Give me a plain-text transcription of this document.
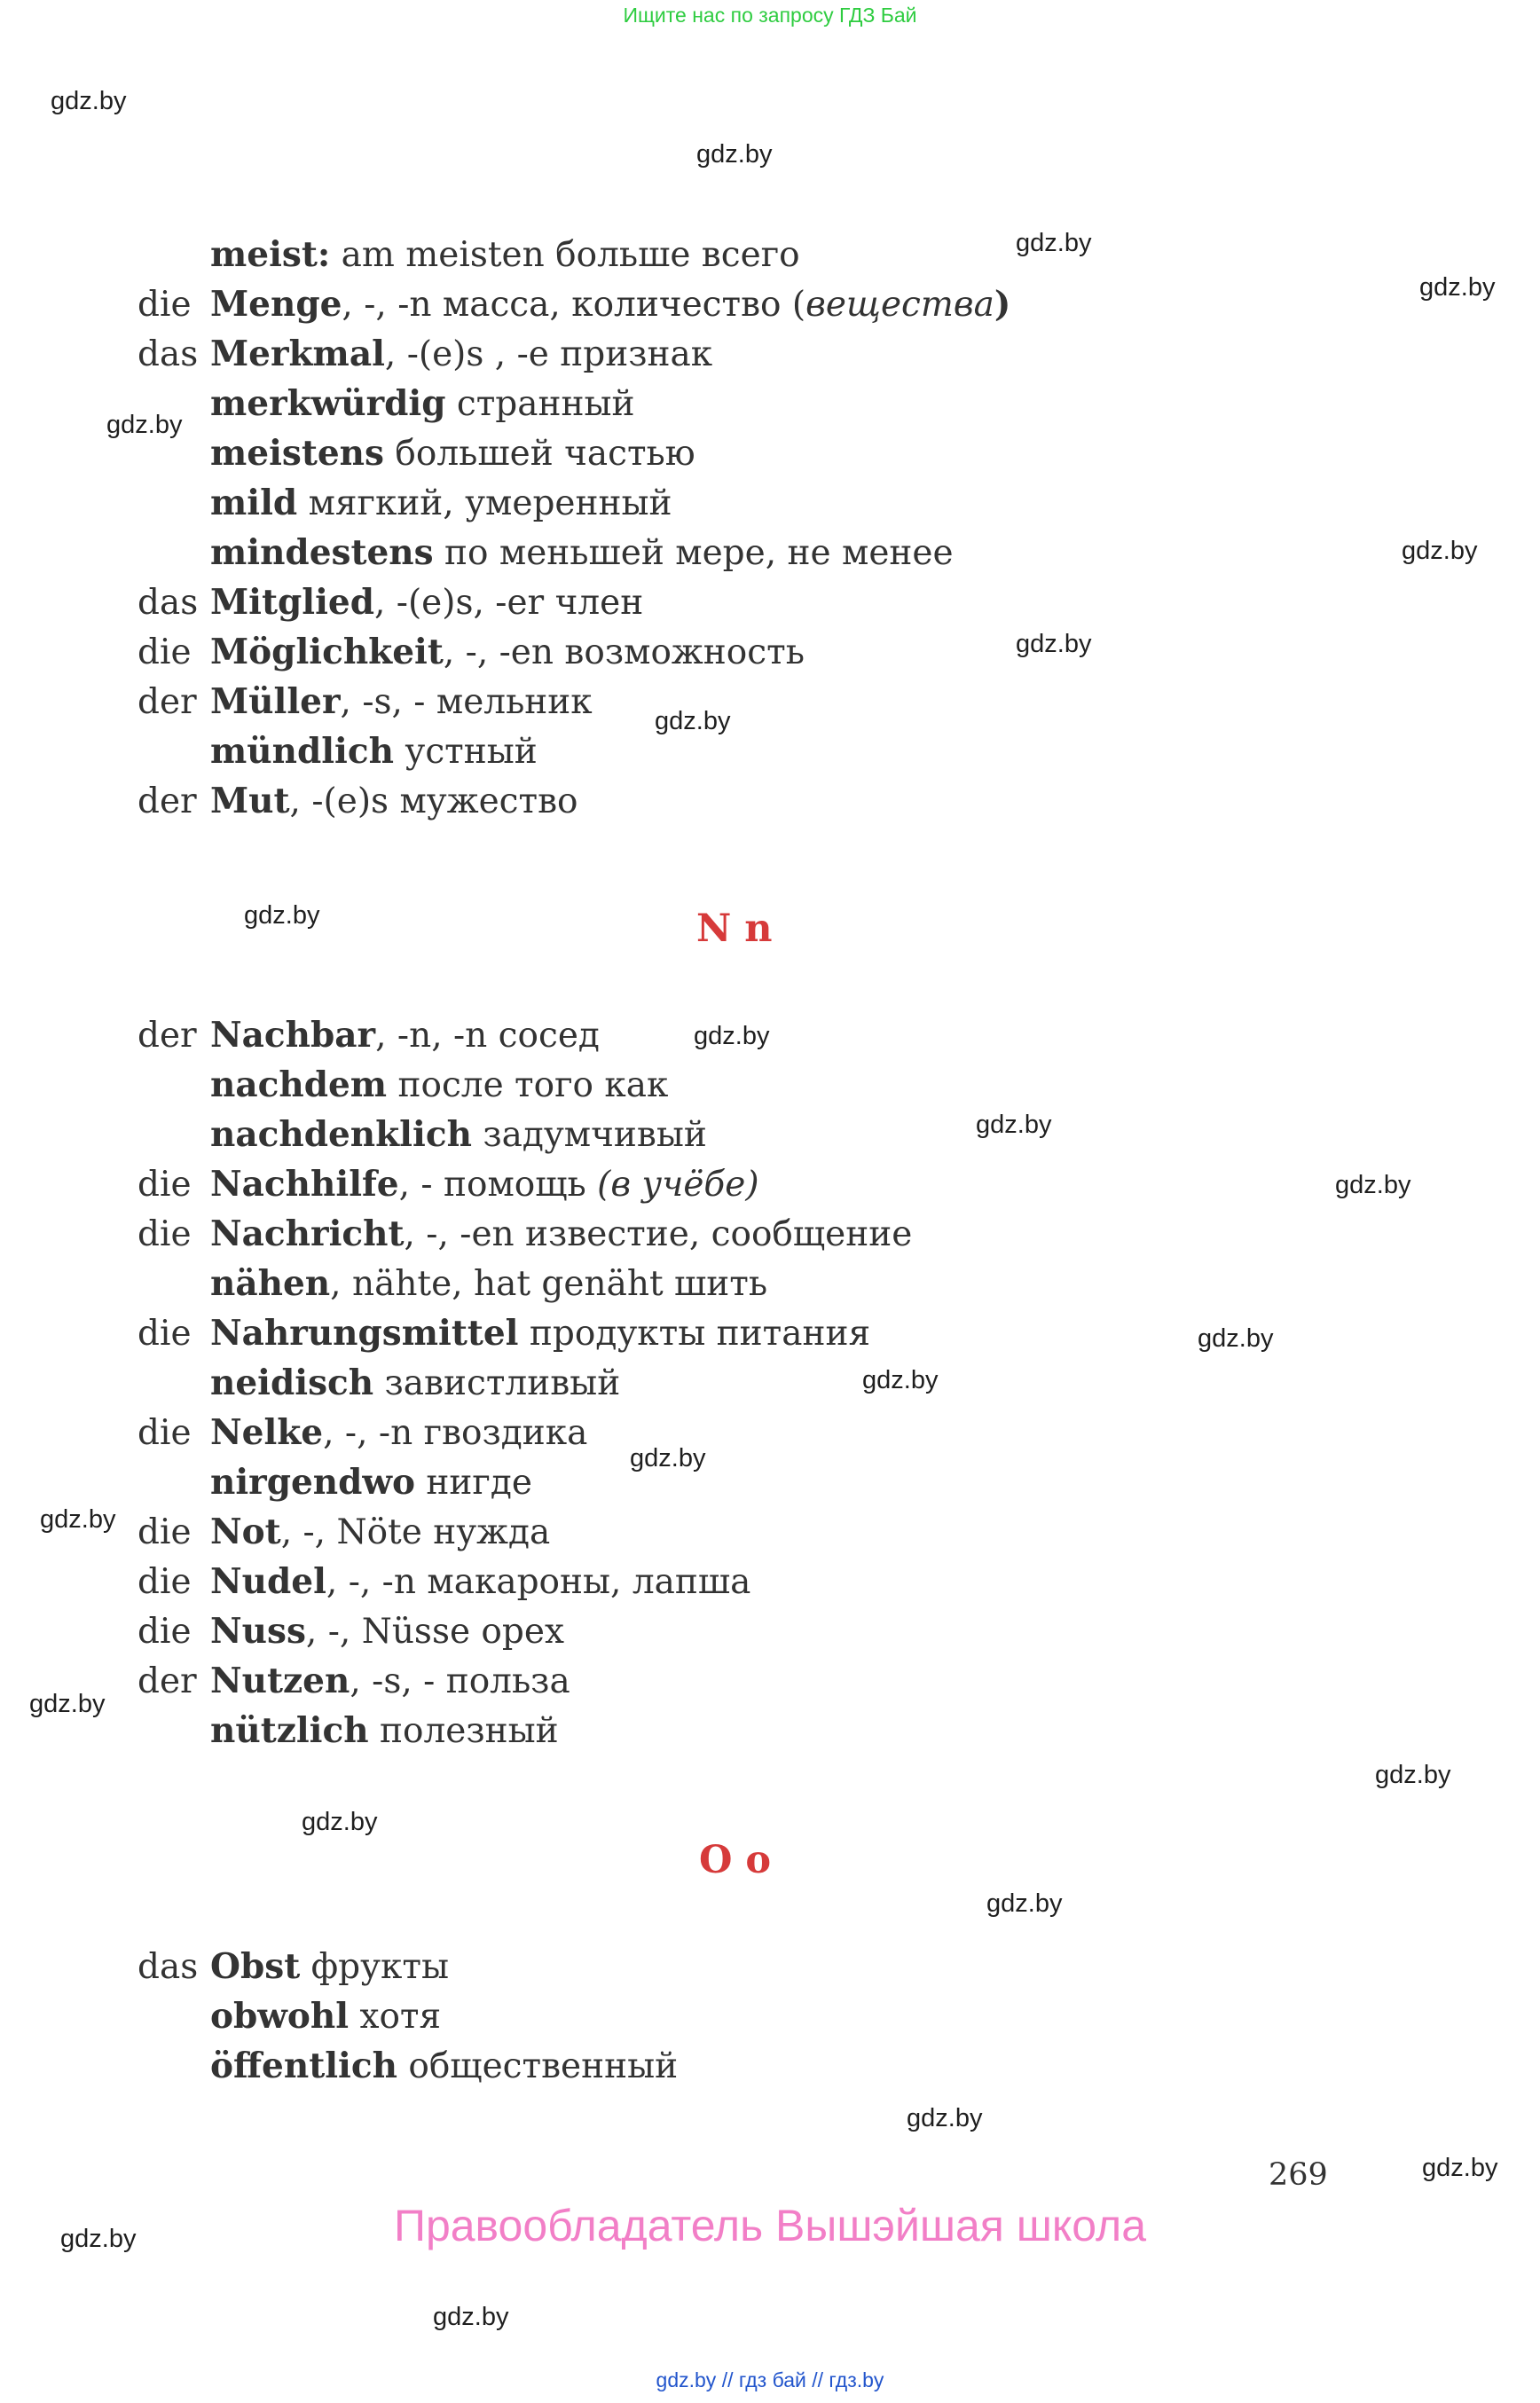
Ищите нас по запросу ГДЗ Бай
gdz.by
gdz.by
gdz.by
gdz.by
gdz.by
gdz.by
gdz.by
gdz.by
gdz.by
gdz.by
gdz.by
gdz.by
gdz.by
gdz.by
gdz.by
gdz.by
gdz.by
gdz.by
gdz.by
gdz.by
gdz.by
gdz.by
gdz.by
gdz.by
meist: am meisten больше всего
die Menge, -, -n масса, количество (вещества)
das Merkmal, -(e)s , -e признак
merkwürdig странный
meistens большей частью
mild мягкий, умеренный
mindestens по меньшей мере, не менее
das Mitglied, -(e)s, -er член
die Möglichkeit, -, -en возможность
der Müller, -s, - мельник
mündlich устный
der Mut, -(e)s мужество
N n
der Nachbar, -n, -n сосед
nachdem после того как
nachdenklich задумчивый
die Nachhilfe, - помощь (в учёбе)
die Nachricht, -, -en известие, сообщение
nähen, nähte, hat genäht шить
die Nahrungsmittel продукты питания
neidisch завистливый
die Nelke, -, -n гвоздика
nirgendwo нигде
die Not, -, Nöte нужда
die Nudel, -, -n макароны, лапша
die Nuss, -, Nüsse орех
der Nutzen, -s, - польза
nützlich полезный
O o
das Obst фрукты
obwohl хотя
öffentlich общественный
269
Правообладатель Вышэйшая школа
gdz.by // гдз бай // гдз.by
